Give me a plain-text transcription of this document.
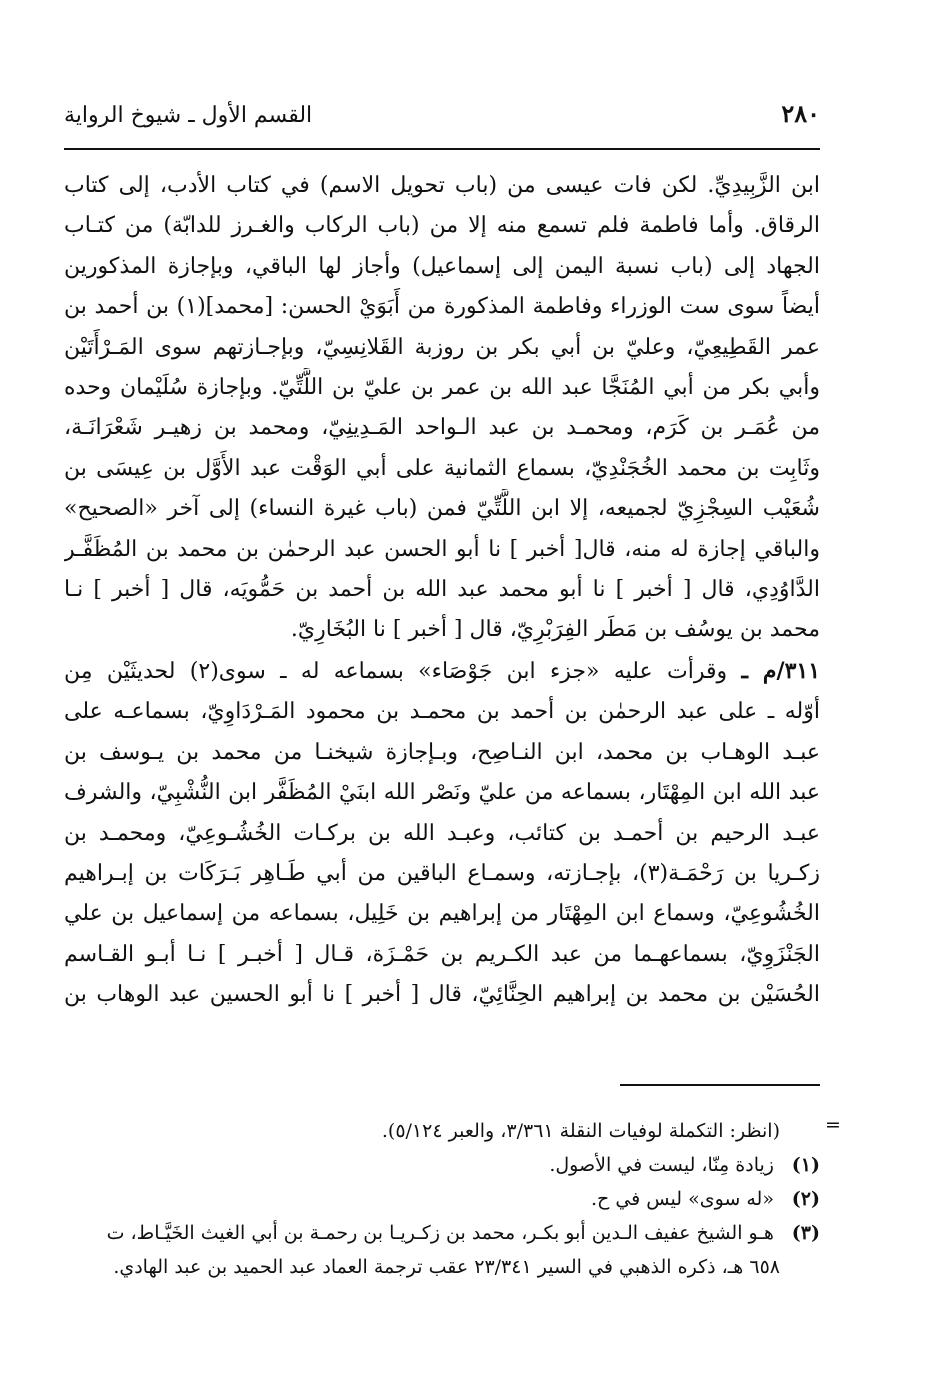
٢٨٠
القسم الأول ـ شيوخ الرواية
ابن الزَّبِيدِيِّ. لكن فات عيسى من (باب تحويل الاسم) في كتاب الأدب، إلى كتاب
الرقاق. وأما فاطمة فلم تسمع منه إلا من (باب الركاب والغـرز للدابّة) من كتـاب
الجهاد إلى (باب نسبة اليمن إلى إسماعيل) وأجاز لها الباقي، وبإجازة المذكورين
أيضاً سوى ست الوزراء وفاطمة المذكورة من أَبَوَيْ الحسن: [محمد](١) بن أحمد بن
عمر القَطِيعِيّ، وعليّ بن أبي بكر بن روزبة القَلانِسِيّ، وبإجـازتهم سوى المَـرْأَتَيْن
وأبي بكر من أبي المُنَجَّا عبد الله بن عمر بن عليّ بن اللَّتِّيّ. وبإجازة سُلَيْمان وحده
من عُمَـر بن كَرَم، ومحمـد بن عبد الـواحد المَـدِينِيّ، ومحمد بن زهيـر شَعْرَانَـة،
وثَابِت بن محمد الخُجَنْدِيّ، بسماع الثمانية على أبي الوَقْت عبد الأَوَّل بن عِيسَى بن
شُعَيْب السِجْزِيّ لجميعه، إلا ابن اللَّتِّيّ فمن (باب غيرة النساء) إلى آخر «الصحيح»
والباقي إجازة له منه، قال[ أخبر ] نا أبو الحسن عبد الرحمٰن بن محمد بن المُظَفَّـر
الدَّاوُدِي، قال [ أخبر ] نا أبو محمد عبد الله بن أحمد بن حَمُّويَه، قال [ أخبر ] نـا
محمد بن يوسُف بن مَطَر الفِرَبْرِيّ، قال [ أخبر ] نا البُخَارِيّ.
٣١١/م ـ وقرأت عليه «جزء ابن جَوْصَاء» بسماعه له ـ سوى(٢) لحديثَيْن مِن
أوّله ـ على عبد الرحمٰن بن أحمد بن محمـد بن محمود المَـرْدَاوِيّ، بسماعـه على
عبـد الوهـاب بن محمد، ابن النـاصِح، وبـإجازة شيخنـا من محمد بن يـوسف بن
عبد الله ابن المِهْتَار، بسماعه من عليّ ونَصْر الله ابنَيْ المُظَفَّر ابن النُّشْبِيّ، والشرف
عبـد الرحيم بن أحمـد بن كتائب، وعبـد الله بن بركـات الخُشُـوعِيّ، ومحمـد بن
زكـريا بن رَحْمَـة(٣)، بإجـازته، وسمـاع الباقين من أبي طَـاهِر بَـرَكَات بن إبـراهيم
الخُشُوعِيّ، وسماع ابن المِهْتَار من إبراهيم بن خَلِيل، بسماعه من إسماعيل بن علي
الجَنْزَوِيّ، بسماعهـما من عبد الكـريم بن حَمْـزَة، قـال [ أخبـر ] نـا أبـو القـاسم
الحُسَيْن بن محمد بن إبراهيم الحِنَّائِيّ، قال [ أخبر ] نا أبو الحسين عبد الوهاب بن
=
(انظر: التكملة لوفيات النقلة ٣/٣٦١، والعبر ٥/١٢٤).
(١) زيادة مِنّا، ليست في الأصول.
(٢) «له سوى» ليس في ح.
(٣) هـو الشيخ عفيف الـدين أبو بكـر، محمد بن زكـريـا بن رحمـة بن أبي الغيث الخَيَّـاط، ت
٦٥٨ هـ، ذكره الذهبي في السير ٢٣/٣٤١ عقب ترجمة العماد عبد الحميد بن عبد الهادي.
